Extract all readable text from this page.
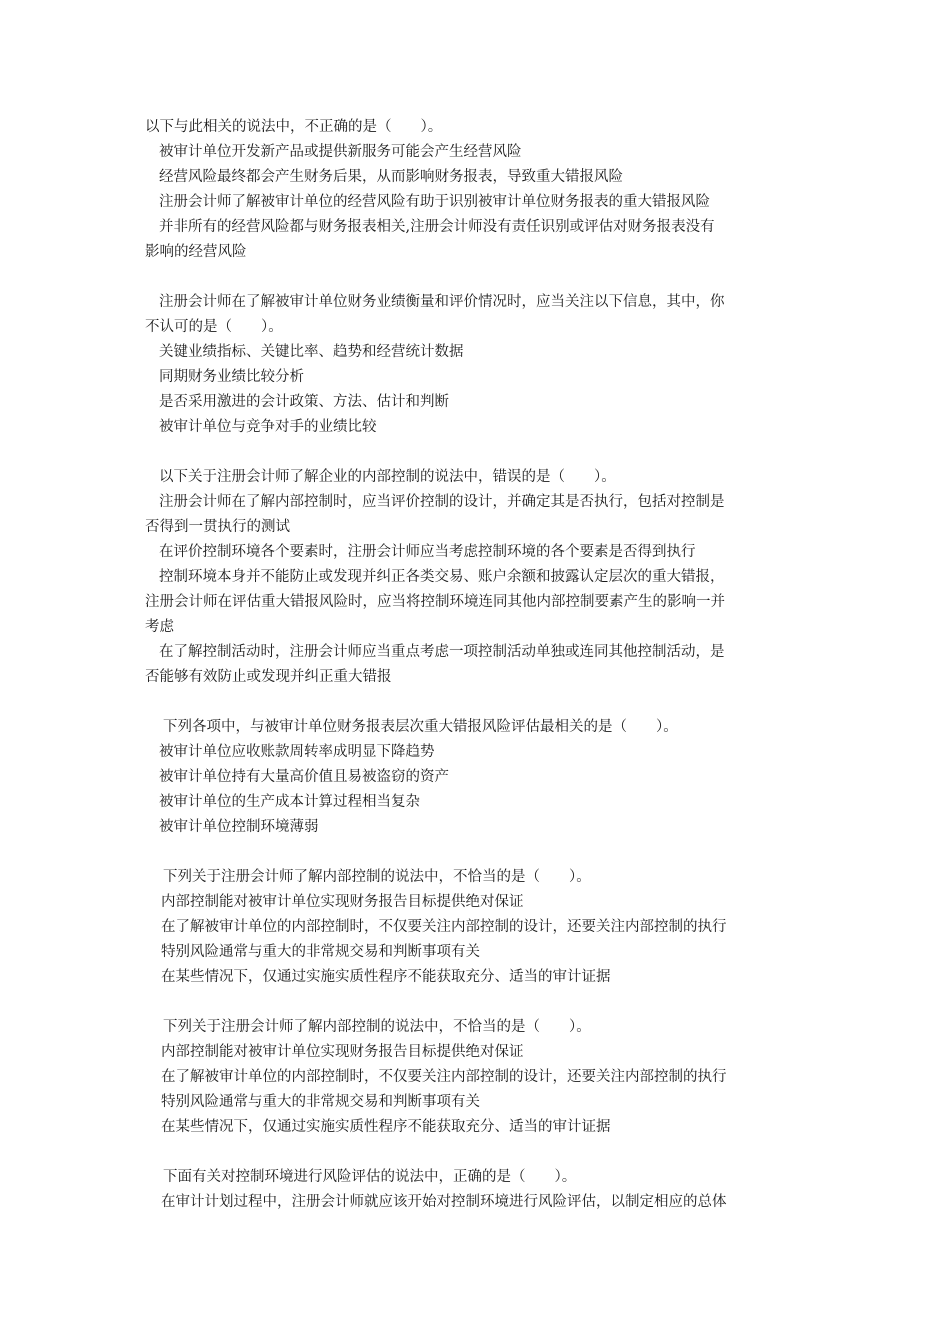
以下与此相关的说法中，不正确的是（　　）。
被审计单位开发新产品或提供新服务可能会产生经营风险
经营风险最终都会产生财务后果，从而影响财务报表，导致重大错报风险
注册会计师了解被审计单位的经营风险有助于识别被审计单位财务报表的重大错报风险
并非所有的经营风险都与财务报表相关,注册会计师没有责任识别或评估对财务报表没有
影响的经营风险
注册会计师在了解被审计单位财务业绩衡量和评价情况时，应当关注以下信息，其中，你
不认可的是（　　）。
关键业绩指标、关键比率、趋势和经营统计数据
同期财务业绩比较分析
是否采用激进的会计政策、方法、估计和判断
被审计单位与竞争对手的业绩比较
以下关于注册会计师了解企业的内部控制的说法中，错误的是（　　）。
注册会计师在了解内部控制时，应当评价控制的设计，并确定其是否执行，包括对控制是
否得到一贯执行的测试
在评价控制环境各个要素时，注册会计师应当考虑控制环境的各个要素是否得到执行
控制环境本身并不能防止或发现并纠正各类交易、账户余额和披露认定层次的重大错报，
注册会计师在评估重大错报风险时，应当将控制环境连同其他内部控制要素产生的影响一并
考虑
在了解控制活动时，注册会计师应当重点考虑一项控制活动单独或连同其他控制活动，是
否能够有效防止或发现并纠正重大错报
下列各项中，与被审计单位财务报表层次重大错报风险评估最相关的是（　　）。
被审计单位应收账款周转率成明显下降趋势
被审计单位持有大量高价值且易被盗窃的资产
被审计单位的生产成本计算过程相当复杂
被审计单位控制环境薄弱
下列关于注册会计师了解内部控制的说法中，不恰当的是（　　）。
内部控制能对被审计单位实现财务报告目标提供绝对保证
在了解被审计单位的内部控制时，不仅要关注内部控制的设计，还要关注内部控制的执行
特别风险通常与重大的非常规交易和判断事项有关
在某些情况下，仅通过实施实质性程序不能获取充分、适当的审计证据
下列关于注册会计师了解内部控制的说法中，不恰当的是（　　）。
内部控制能对被审计单位实现财务报告目标提供绝对保证
在了解被审计单位的内部控制时，不仅要关注内部控制的设计，还要关注内部控制的执行
特别风险通常与重大的非常规交易和判断事项有关
在某些情况下，仅通过实施实质性程序不能获取充分、适当的审计证据
下面有关对控制环境进行风险评估的说法中，正确的是（　　）。
在审计计划过程中，注册会计师就应该开始对控制环境进行风险评估，以制定相应的总体
